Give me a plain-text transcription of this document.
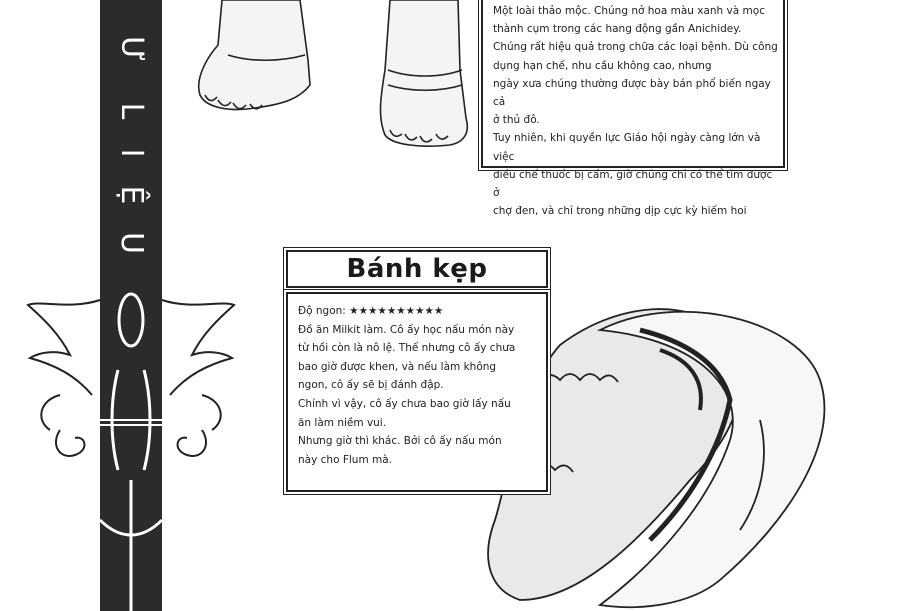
Ư
L
I
Ệ
U

Một loài thảo mộc. Chúng nở hoa màu xanh và mọc

thành cụm trong các hang động gần Anichidey.

Chúng rất hiệu quả trong chữa các loại bệnh. Dù công

dụng hạn chế, nhu cầu không cao, nhưng

ngày xưa chúng thường được bày bán phổ biến ngay cả

ở thủ đô.

Tuy nhiên, khi quyền lực Giáo hội ngày càng lớn và việc

điều chế thuốc bị cấm, giờ chúng chỉ có thể tìm được ở

chợ đen, và chỉ trong những dịp cực kỳ hiếm hoi

Bánh kẹp

Độ ngon: ★★★★★★★★★★

Đồ ăn Milkit làm. Cô ấy học nấu món này

từ hồi còn là nô lệ. Thế nhưng cô ấy chưa

bao giờ được khen, và nếu làm không

ngon, cô ấy sẽ bị đánh đập.

Chính vì vậy, cô ấy chưa bao giờ lấy nấu

ăn làm niềm vui.

Nhưng giờ thì khác. Bởi cô ấy nấu món

này cho Flum mà.
